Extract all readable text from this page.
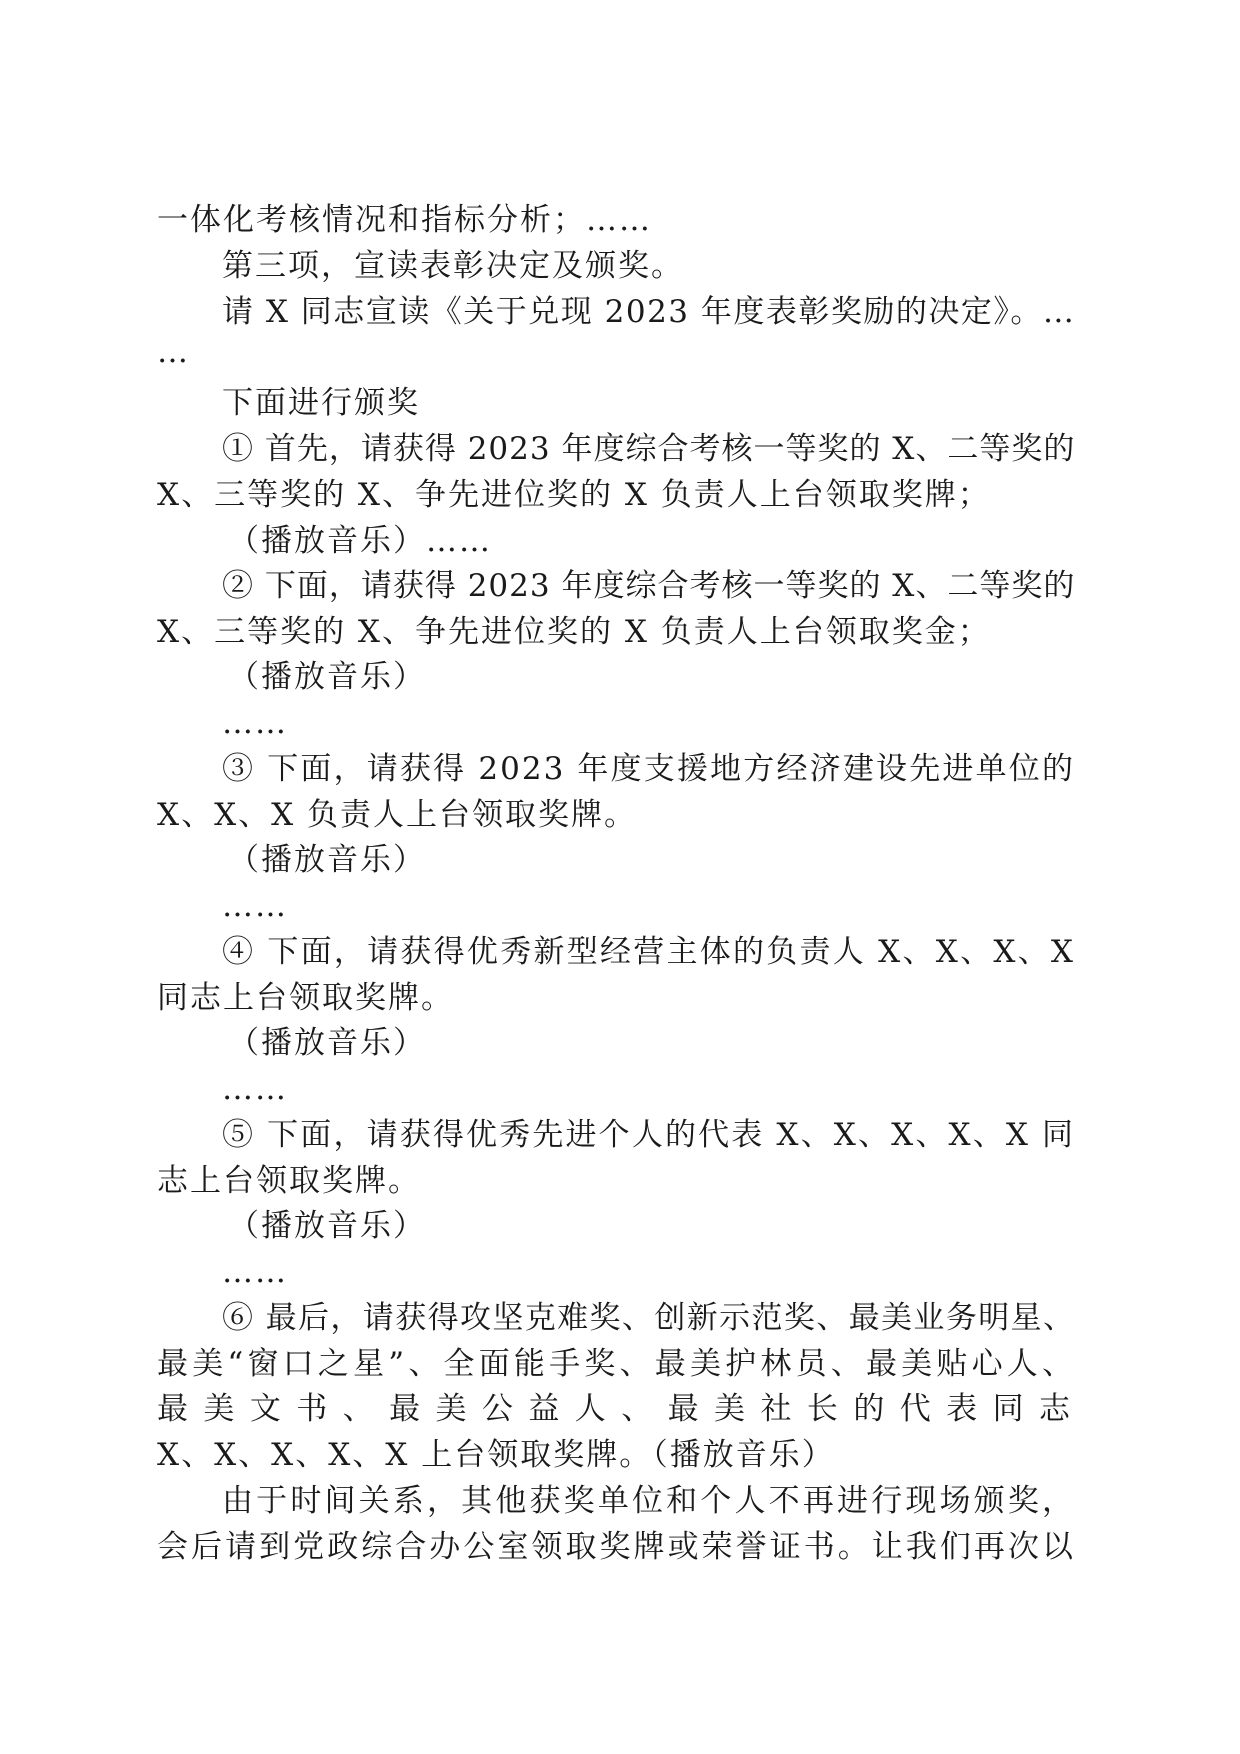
一体化考核情况和指标分析；……

第三项，宣读表彰决定及颁奖。

请 X 同志宣读《关于兑现 2023 年度表彰奖励的决定》。…

…

下面进行颁奖

① 首先，请获得 2023 年度综合考核一等奖的 X、二等奖的

X、三等奖的 X、争先进位奖的 X 负责人上台领取奖牌；

（播放音乐）……

② 下面，请获得 2023 年度综合考核一等奖的 X、二等奖的

X、三等奖的 X、争先进位奖的 X 负责人上台领取奖金；

（播放音乐）

……

③ 下面，请获得 2023 年度支援地方经济建设先进单位的

X、X、X 负责人上台领取奖牌。

（播放音乐）

……

④ 下面，请获得优秀新型经营主体的负责人 X、X、X、X

同志上台领取奖牌。

（播放音乐）

……

⑤ 下面，请获得优秀先进个人的代表 X、X、X、X、X 同

志上台领取奖牌。

（播放音乐）

……

⑥ 最后，请获得攻坚克难奖、创新示范奖、最美业务明星、

最美“窗口之星”、全面能手奖、最美护林员、最美贴心人、

最美文书、最美公益人、最美社长的代表同志

X、X、X、X、X 上台领取奖牌。（播放音乐）

由于时间关系，其他获奖单位和个人不再进行现场颁奖，

会后请到党政综合办公室领取奖牌或荣誉证书。让我们再次以
